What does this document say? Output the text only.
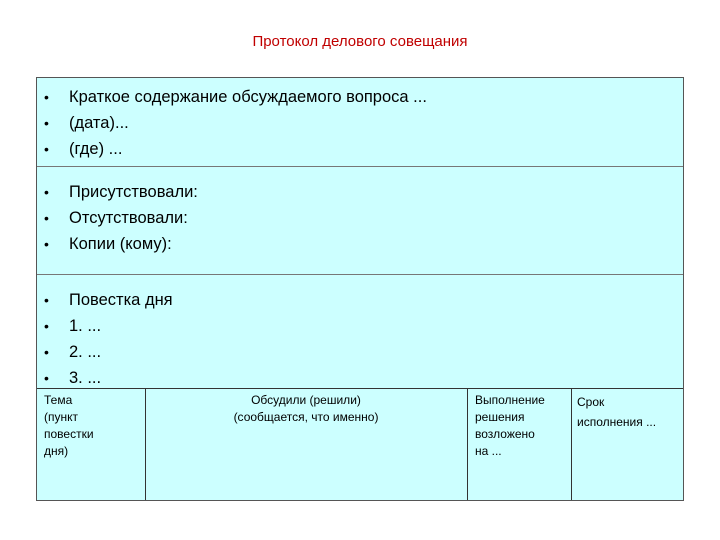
Протокол делового совещания
• Краткое содержание обсуждаемого вопроса ...
• (дата)...
• (где) ...
• Присутствовали:
• Отсутствовали:
• Копии (кому):
• Повестка дня
• 1. ...
• 2. ...
• 3. ...
Тема
(пункт
повестки
дня)
Обсудили (решили)
(сообщается, что именно)
Выполнение
решения
возложено
на ...
Срок
исполнения ...
